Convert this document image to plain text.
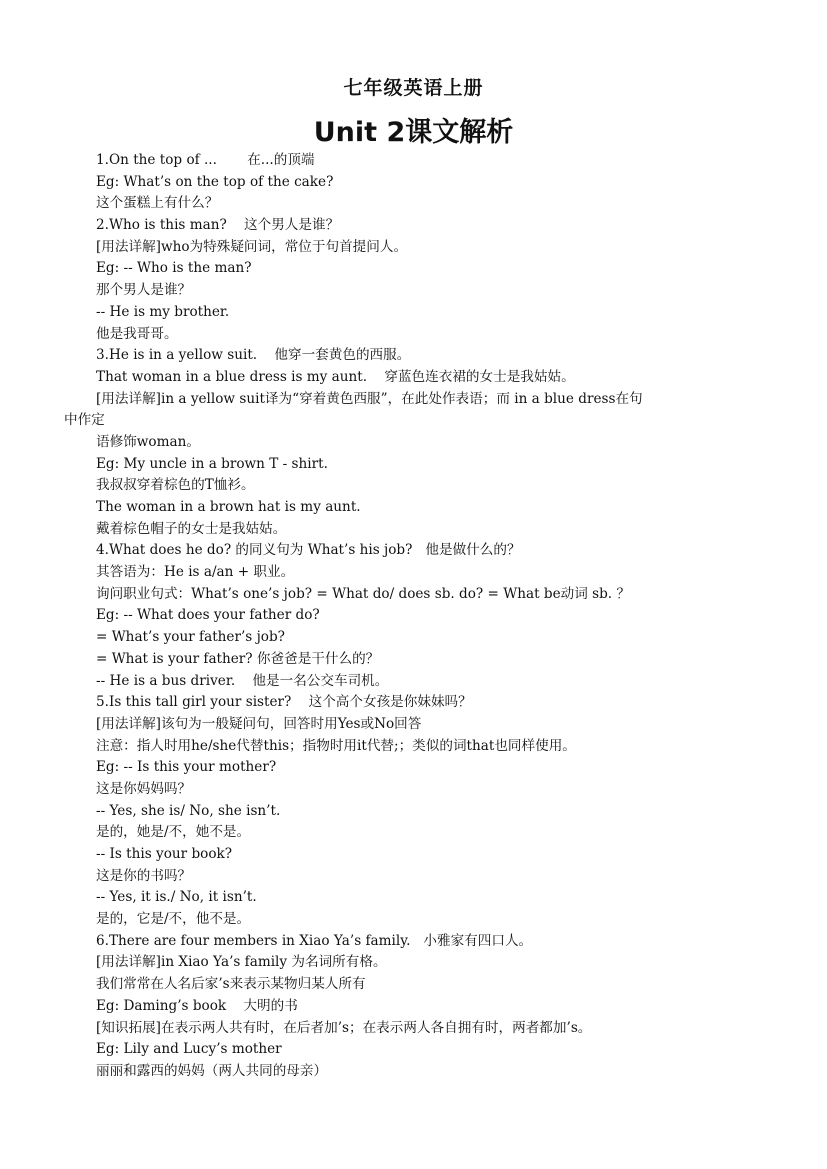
七年级英语上册
Unit 2课文解析
1.On the top of ...       在...的顶端
Eg: What’s on the top of the cake?
这个蛋糕上有什么？
2.Who is this man?    这个男人是谁？
[用法详解]who为特殊疑问词，常位于句首提问人。
Eg: -- Who is the man?
那个男人是谁？
-- He is my brother.
他是我哥哥。
3.He is in a yellow suit.    他穿一套黄色的西服。
That woman in a blue dress is my aunt.    穿蓝色连衣裙的女士是我姑姑。
[用法详解]in a yellow suit译为“穿着黄色西服”，在此处作表语；而 in a blue dress在句
中作定
语修饰woman。
Eg: My uncle in a brown T - shirt.
我叔叔穿着棕色的T恤衫。
The woman in a brown hat is my aunt.
戴着棕色帽子的女士是我姑姑。
4.What does he do? 的同义句为 What’s his job?   他是做什么的？
其答语为：He is a/an + 职业。
询问职业句式：What’s one’s job? = What do/ does sb. do? = What be动词 sb. ？
Eg: -- What does your father do?
= What’s your father’s job?
= What is your father? 你爸爸是干什么的？
-- He is a bus driver.    他是一名公交车司机。
5.Is this tall girl your sister?    这个高个女孩是你妹妹吗？
[用法详解]该句为一般疑问句，回答时用Yes或No回答
注意：指人时用he/she代替this；指物时用it代替;；类似的词that也同样使用。
Eg: -- Is this your mother?
这是你妈妈吗？
-- Yes, she is/ No, she isn’t.
是的，她是/不，她不是。
-- Is this your book?
这是你的书吗？
-- Yes, it is./ No, it isn’t.
是的，它是/不，他不是。
6.There are four members in Xiao Ya’s family.   小雅家有四口人。
[用法详解]in Xiao Ya’s family 为名词所有格。
我们常常在人名后家’s来表示某物归某人所有
Eg: Daming’s book    大明的书
[知识拓展]在表示两人共有时，在后者加’s；在表示两人各自拥有时，两者都加’s。
Eg: Lily and Lucy’s mother
丽丽和露西的妈妈（两人共同的母亲）
